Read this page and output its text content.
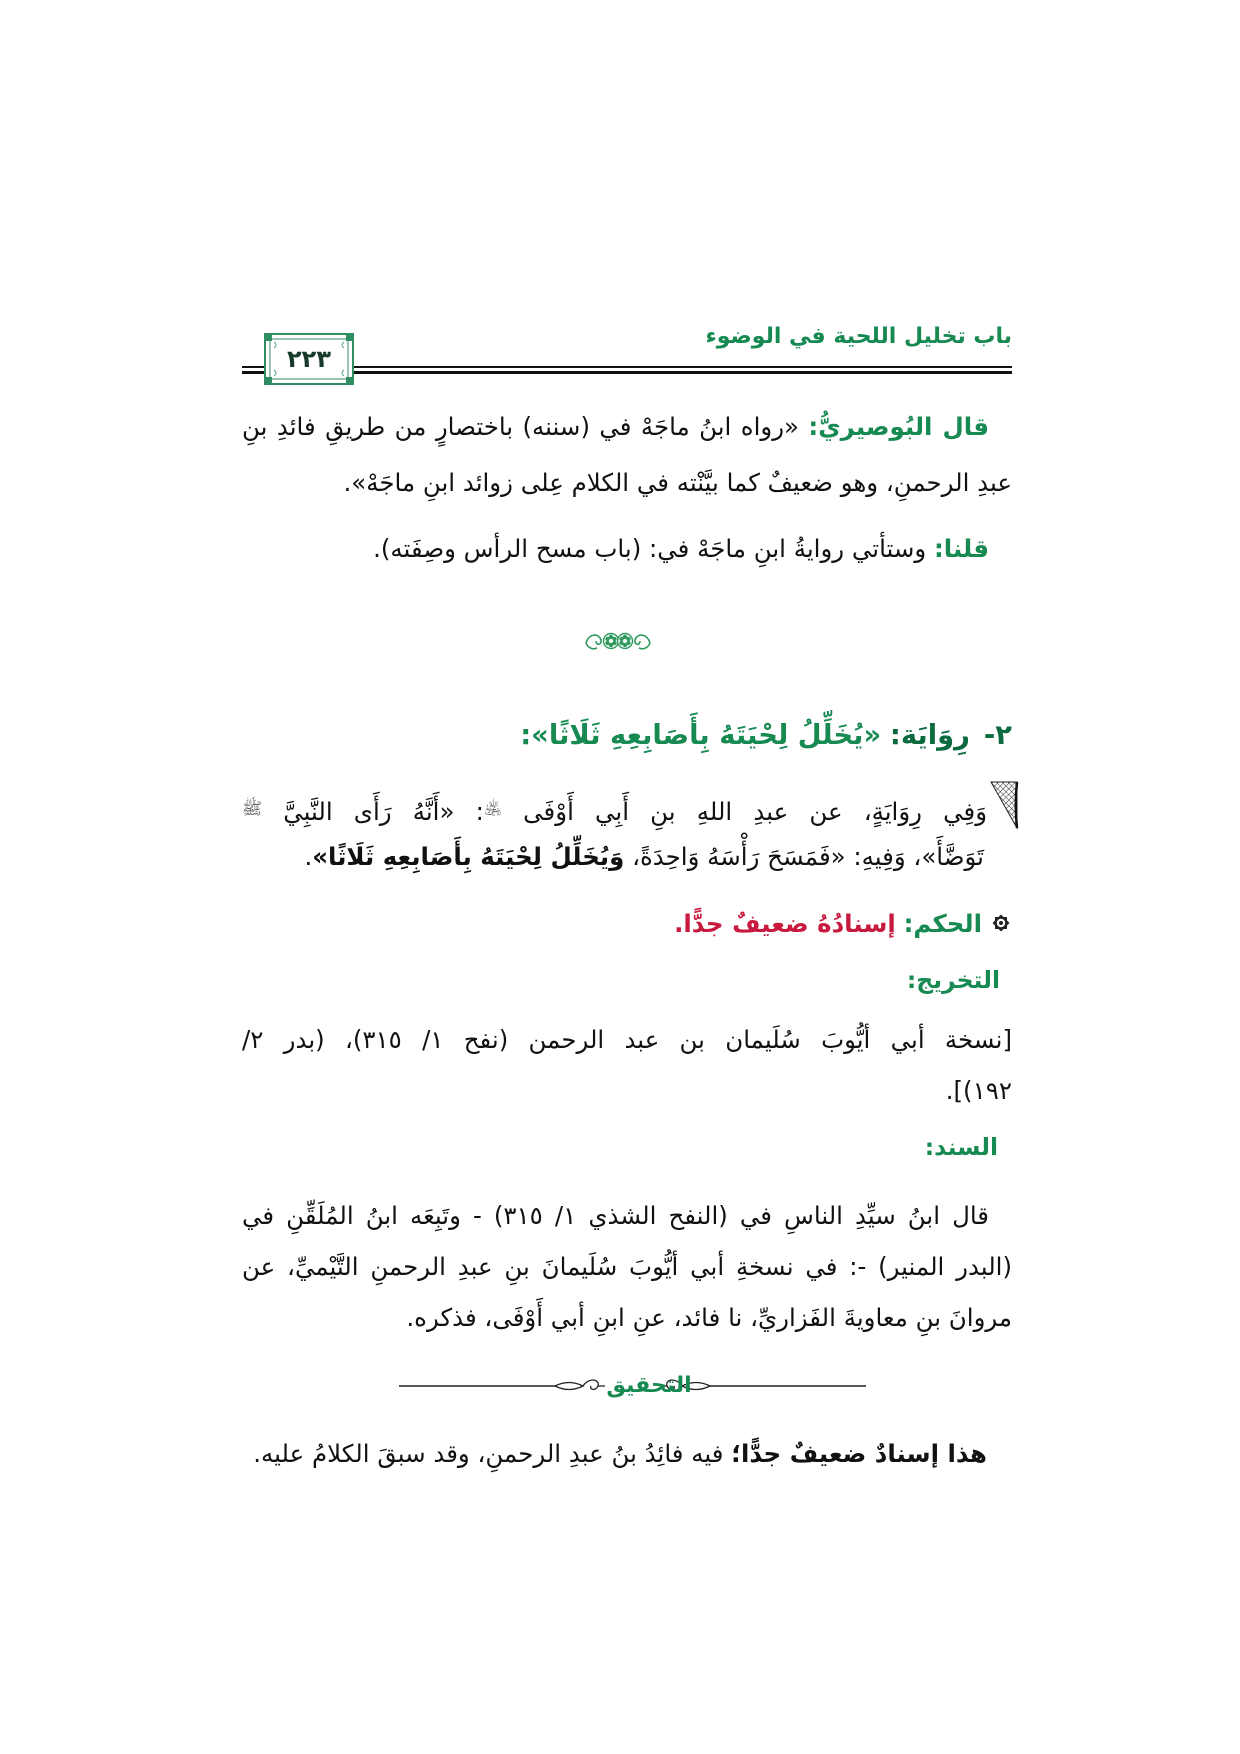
باب تخليل اللحية في الوضوء
٢٢٣
قال البُوصيريُّ: «رواه ابنُ ماجَهْ في (سننه) باختصارٍ من طريقِ فائدِ بنِ
عبدِ الرحمنِ، وهو ضعيفٌ كما بيَّنْته في الكلام عِلى زوائد ابنِ ماجَهْ».
قلنا: وستأتي روايةُ ابنِ ماجَهْ في: (باب مسح الرأس وصِفَته).
٢-رِوَايَة: «يُخَلِّلُ لِحْيَتَهُ بِأَصَابِعِهِ ثَلَاثًا»:
وَفِي رِوَايَةٍ، عن عبدِ اللهِ بنِ أَبِي أَوْفَى ﵁: «أَنَّهُ رَأَى النَّبِيَّ $^ﷺ$
تَوَضَّأَ»، وَفِيهِ: «فَمَسَحَ رَأْسَهُ وَاحِدَةً، وَيُخَلِّلُ لِحْيَتَهُ بِأَصَابِعِهِ ثَلَاثًا».
الحكم: إسنادُهُ ضعيفٌ جدًّا.
التخريج:
[نسخة أبي أيُّوبَ سُلَيمان بن عبد الرحمن (نفح ١/ ٣١٥)، (بدر ٢/
١٩٢)].
السند:
قال ابنُ سيِّدِ الناسِ في (النفح الشذي ١/ ٣١٥) - وتَبِعَه ابنُ المُلَقِّنِ في
(البدر المنير) -: في نسخةِ أبي أيُّوبَ سُلَيمانَ بنِ عبدِ الرحمنِ التَّيْميِّ، عن
مروانَ بنِ معاويةَ الفَزاريِّ، نا فائد، عنِ ابنِ أبي أَوْفَى، فذكره.
التحقيق
هذا إسنادٌ ضعيفٌ جدًّا؛ فيه فائِدُ بنُ عبدِ الرحمنِ، وقد سبقَ الكلامُ عليه.
